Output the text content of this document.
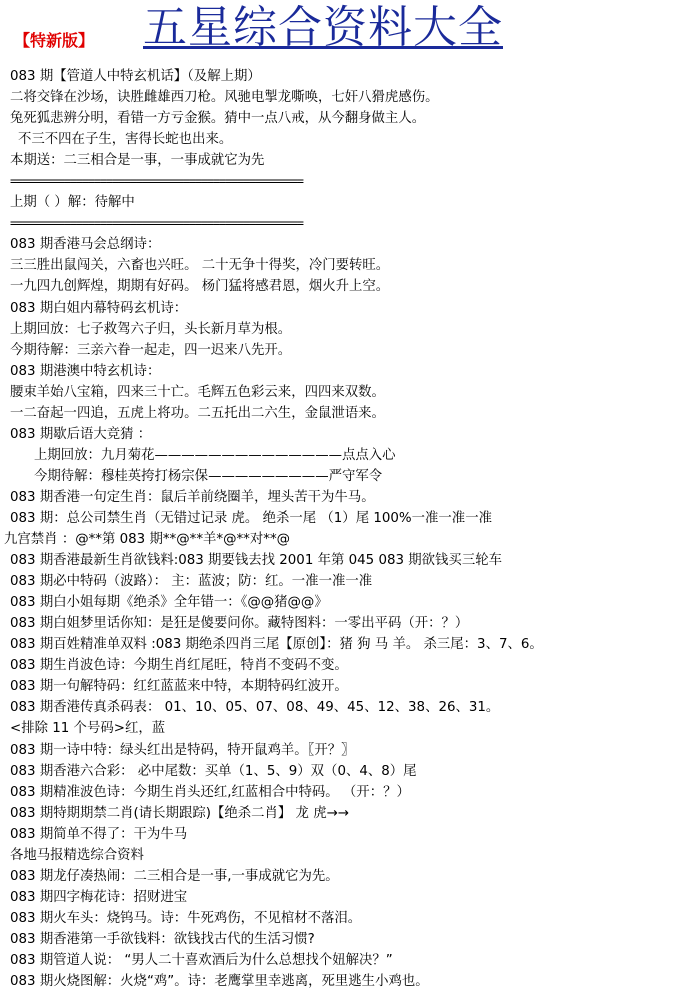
【特新版】 五星综合资料大全
083 期【管道人中特玄机话】（及解上期）
二将交锋在沙场，诀胜雌雄西刀枪。风驰电掣龙嘶唤，七奸八猾虎感伤。
兔死狐悲辨分明，看错一方亏金猴。猜中一点八戒，从今翻身做主人。
不三不四在子生，害得长蛇也出来。
本期送：二三相合是一事，一事成就它为先
=================================================
上期（ ）解：待解中
=================================================
083 期香港马会总纲诗：
三三胜出鼠闯关，六畜也兴旺。 二十无争十得奖，冷门要转旺。
一九四九创辉煌，期期有好码。 杨门猛将感君恩，烟火升上空。
083 期白姐内幕特码玄机诗：
上期回放：七子救驾六子归，头长新月草为根。
今期待解：三亲六眷一起走，四一迟来八先开。
083 期港澳中特玄机诗：
腰束羊始八宝箱，四来三十亡。毛辉五色彩云来，四四来双数。
一二奋起一四追，五虎上将功。二五托出二六生，金鼠泄语来。
083 期歇后语大竞猜 ：
上期回放：九月菊花——————————————点点入心
今期待解：穆桂英挎打杨宗保—————————严守军令
083 期香港一句定生肖：鼠后羊前绕圈羊，埋头苦干为牛马。
083 期：总公司禁生肖（无错过记录 虎。 绝杀一尾 （1）尾 100%一准一准一准
九宫禁肖 ：@**第 083 期**@**羊*@**对**@
083 期香港最新生肖欲钱料:083 期要钱去找 2001 年第 045 083 期欲钱买三轮车
083 期必中特码（波路）： 主：蓝波；防：红。一准一准一准
083 期白小姐每期《绝杀》全年错一：《@@猪@@》
083 期白姐梦里话你知：是狂是傻要问你。藏特图料：一零出平码（开：？）
083 期百姓精准单双料 :083 期绝杀四肖三尾【原创】：猪 狗 马 羊。 杀三尾：3、7、6。
083 期生肖波色诗：今期生肖红尾旺，特肖不变码不变。
083 期一句解特码：红红蓝蓝来中特，本期特码红波开。
083 期香港传真杀码表： 01、10、05、07、08、49、45、12、38、26、31。
<排除 11 个号码>红，蓝
083 期一诗中特：绿头红出是特码，特开鼠鸡羊。〖开？〗
083 期香港六合彩： 必中尾数：买单（1、5、9）双（0、4、8）尾
083 期精准波色诗：今期生肖头还红,红蓝相合中特码。 （开：？）
083 期特期期禁二肖(请长期跟踪)【绝杀二肖】 龙 虎→→
083 期简单不得了：干为牛马
各地马报精选综合资料
083 期龙仔凑热闹：二三相合是一事,一事成就它为先。
083 期四字梅花诗：招财进宝
083 期火车头：烧钨马。诗：牛死鸡伤，不见棺材不落泪。
083 期香港第一手欲钱料：欲钱找古代的生活习惯?
083 期管道人说： “男人二十喜欢酒后为什么总想找个妞解决？”
083 期火烧图解：火烧“鸡”。诗：老鹰掌里幸逃离，死里逃生小鸡也。
